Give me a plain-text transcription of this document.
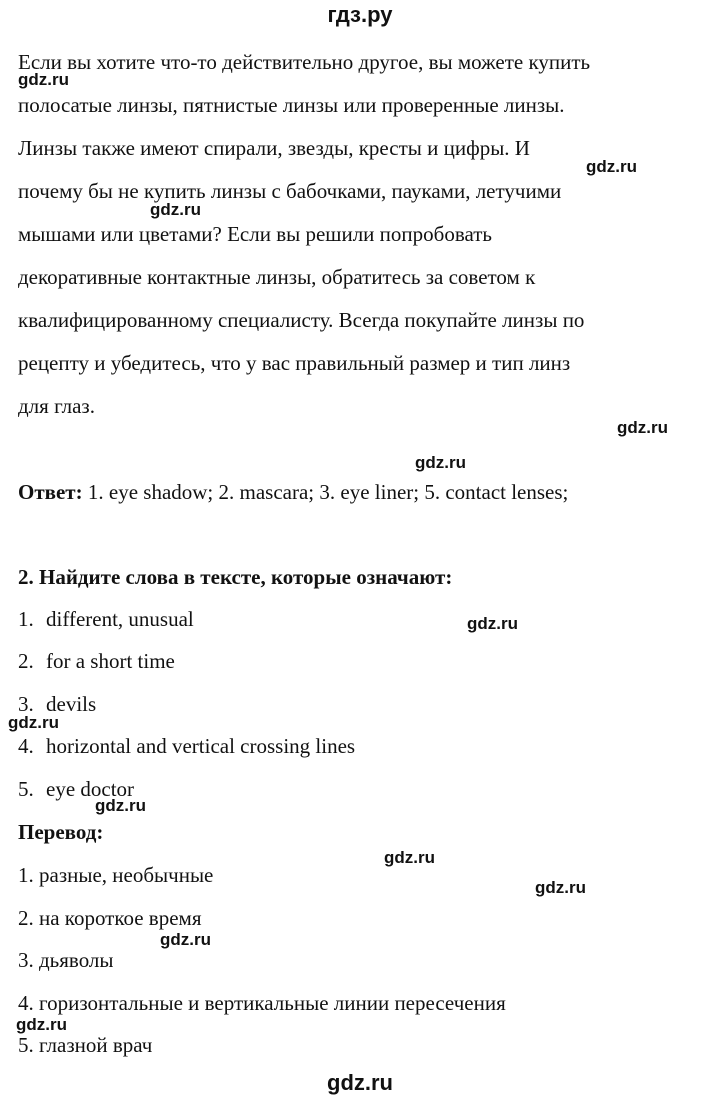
гдз.ру
Если вы хотите что-то действительно другое, вы можете купить
полосатые линзы, пятнистые линзы или проверенные линзы.
Линзы также имеют спирали, звезды, кресты и цифры. И
почему бы не купить линзы с бабочками, пауками, летучими
мышами или цветами? Если вы решили попробовать
декоративные контактные линзы, обратитесь за советом к
квалифицированному специалисту. Всегда покупайте линзы по
рецепту и убедитесь, что у вас правильный размер и тип линз
для глаз.
Ответ: 1. eye shadow; 2. mascara; 3. eye liner; 5. contact lenses;
2. Найдите слова в тексте, которые означают:
1. different, unusual
2. for a short time
3. devils
4. horizontal and vertical crossing lines
5. eye doctor
Перевод:
1. разные, необычные
2. на короткое время
3. дьяволы
4. горизонтальные и вертикальные линии пересечения
5. глазной врач
gdz.ru
gdz.ru
gdz.ru
gdz.ru
gdz.ru
gdz.ru
gdz.ru
gdz.ru
gdz.ru
gdz.ru
gdz.ru
gdz.ru
gdz.ru
